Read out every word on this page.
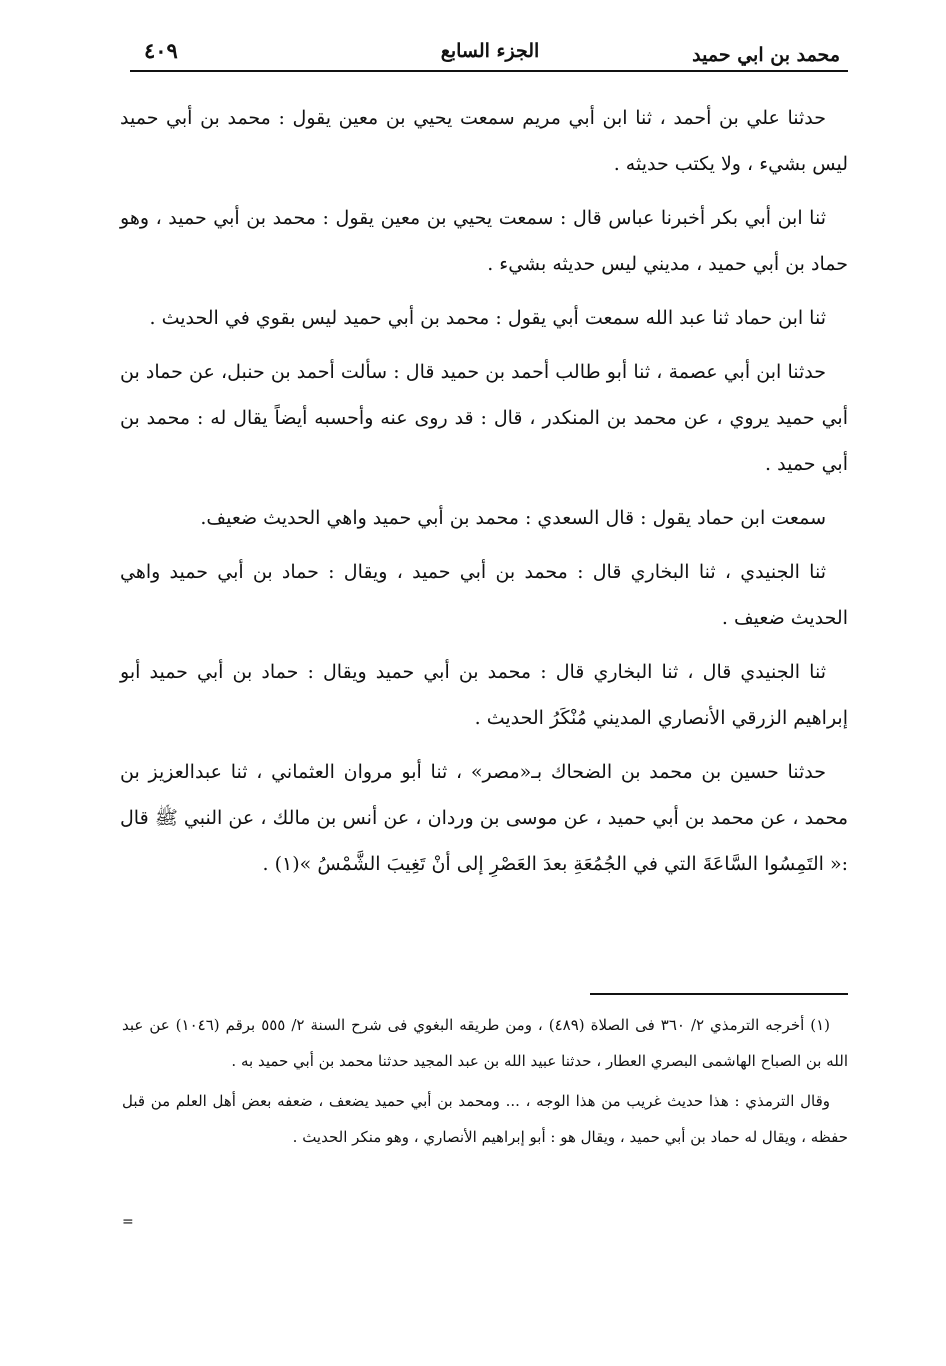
محمد بن ابي حميد
الجزء السابع
٤٠٩

حدثنا علي بن أحمد ، ثنا ابن أبي مريم سمعت يحيي بن معين يقول : محمد بن أبي حميد ليس بشيء ، ولا يكتب حديثه .

ثنا ابن أبي بكر أخبرنا عباس قال : سمعت يحيي بن معين يقول : محمد بن أبي حميد ، وهو حماد بن أبي حميد ، مديني ليس حديثه بشيء .

ثنا ابن حماد ثنا عبد الله سمعت أبي يقول : محمد بن أبي حميد ليس بقوي في الحديث .

حدثنا ابن أبي عصمة ، ثنا أبو طالب أحمد بن حميد قال : سألت أحمد بن حنبل، عن حماد بن أبي حميد يروي ، عن محمد بن المنكدر ، قال : قد روى عنه وأحسبه أيضاً يقال له : محمد بن أبي حميد .

سمعت ابن حماد يقول : قال السعدي : محمد بن أبي حميد واهي الحديث ضعيف.

ثنا الجنيدي ، ثنا البخاري قال : محمد بن أبي حميد ، ويقال : حماد بن أبي حميد واهي الحديث ضعيف .

ثنا الجنيدي قال ، ثنا البخاري قال : محمد بن أبي حميد ويقال : حماد بن أبي حميد أبو إبراهيم الزرقي الأنصاري المديني مُنْكَرُ الحديث .

حدثنا حسين بن محمد بن الضحاك بـ«مصر» ، ثنا أبو مروان العثماني ، ثنا عبدالعزيز بن محمد ، عن محمد بن أبي حميد ، عن موسى بن وردان ، عن أنس بن مالك ، عن النبي ﷺ قال :« التَمِسُوا السَّاعَةَ التي في الجُمُعَةِ بعدَ العَصْرِ إلى أنْ تَغِيبَ الشَّمْسُ »(١) .

(١) أخرجه الترمذي ٢/ ٣٦٠ فى الصلاة (٤٨٩) ، ومن طريقه البغوي فى شرح السنة ٢/ ٥٥٥ برقم (١٠٤٦) عن عبد الله بن الصباح الهاشمى البصري العطار ، حدثنا عبيد الله بن عبد المجيد حدثنا محمد بن أبي حميد به .

وقال الترمذي : هذا حديث غريب من هذا الوجه ، ... ومحمد بن أبي حميد يضعف ، ضعفه بعض أهل العلم من قبل حفظه ، ويقال له حماد بن أبي حميد ، ويقال هو : أبو إبراهيم الأنصاري ، وهو منكر الحديث .

=
